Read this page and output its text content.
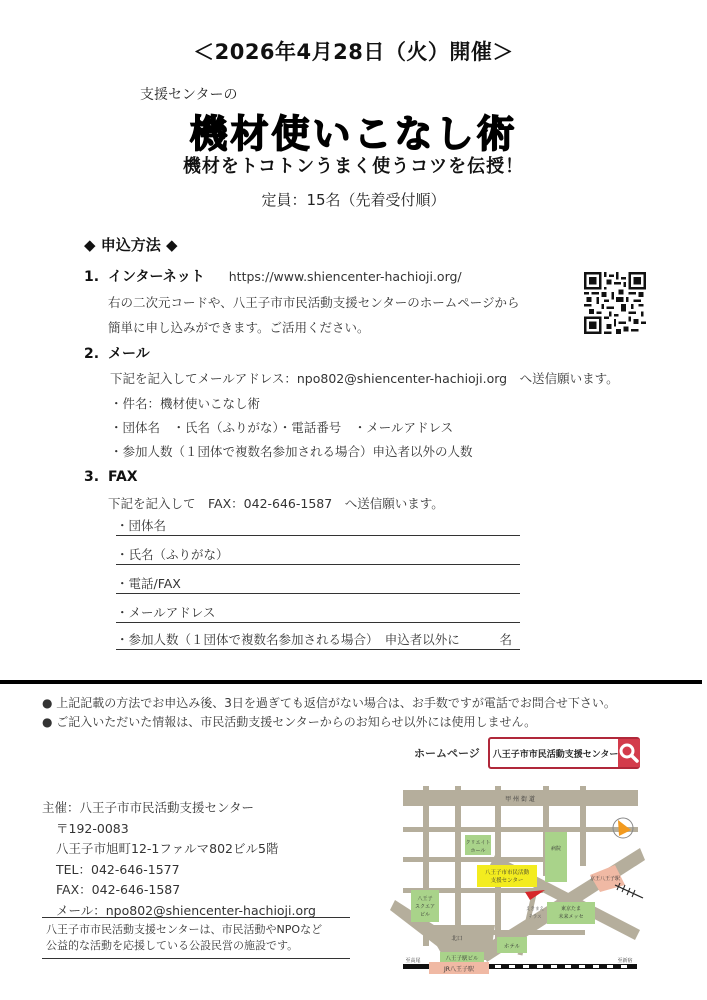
＜2026年4月28日（火）開催＞
支援センターの
機材使いこなし術
機材をトコトンうまく使うコツを伝授！
定員：15名（先着受付順）
◆ 申込方法 ◆
1. インターネット https://www.shiencenter-hachioji.org/
右の二次元コードや、八王子市市民活動支援センターのホームページから
簡単に申し込みができます。ご活用ください。
2. メール
下記を記入してメールアドレス：npo802@shiencenter-hachioji.org　へ送信願います。
・件名：機材使いこなし術
・団体名　・氏名（ふりがな）・電話番号　・メールアドレス
・参加人数（１団体で複数名参加される場合）申込者以外の人数
3. FAX
下記を記入して　FAX：042-646-1587　へ送信願います。
・団体名
・氏名（ふりがな）
・電話/FAX
・メールアドレス
・参加人数（１団体で複数名参加される場合）　申込者以外に	名
● 上記記載の方法でお申込み後、3日を過ぎても返信がない場合は、お手数ですが電話でお問合せ下さい。
● ご記入いただいた情報は、市民活動支援センターからのお知らせ以外には使用しません。
ホームページ	八王子市市民活動支援センター
主催：八王子市市民活動支援センター
〒192-0083
八王子市旭町12-1ファルマ802ビル5階
TEL：042-646-1577
FAX：042-646-1587
メール：npo802@shiencenter-hachioji.org
八王子市市民活動支援センターは、市民活動やNPOなど
公益的な活動を応援している公設民営の施設です。
クリエイト
ホール	病院
八王子
スクエア
ビル
東京たま
未来メッセ
えきまえ
テラス
ホテル
北口
八王子駅ビル
八王子市市民活動
支援センター	京王八王子駅
JR八王子駅
至高尾	至新宿
甲 州 街 道
